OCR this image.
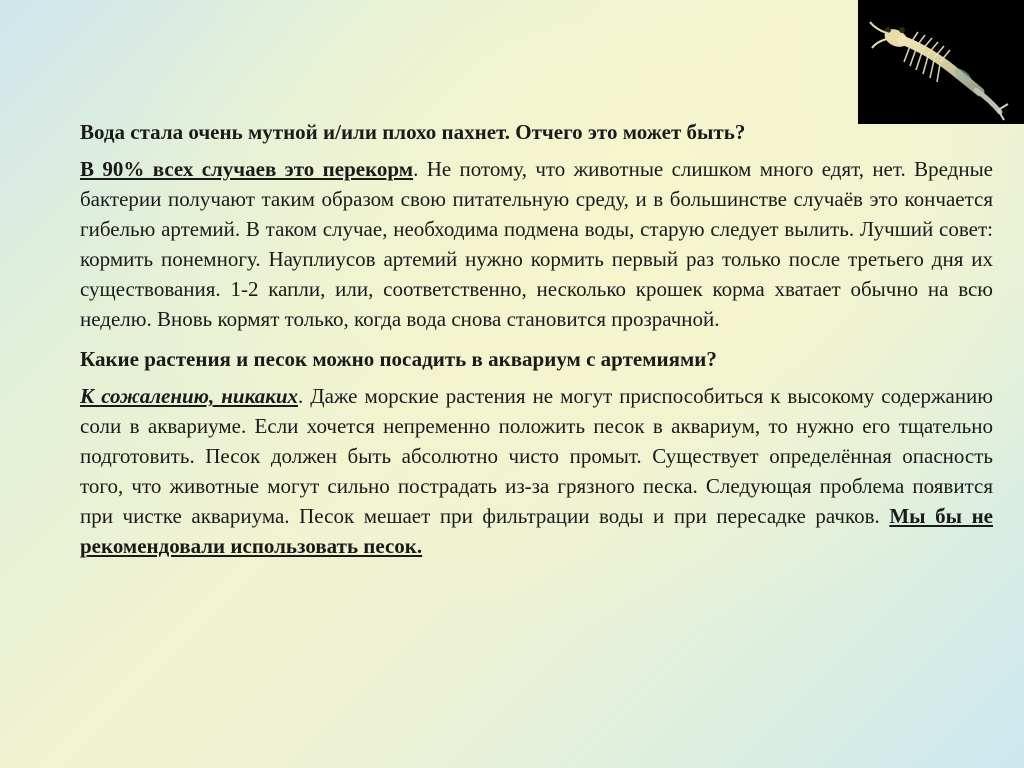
Вода стала очень мутной и/или плохо пахнет. Отчего это может быть?

В 90% всех случаев это перекорм. Не потому, что животные слишком много едят, нет. Вредные бактерии получают таким образом свою питательную среду, и в большинстве случаёв это кончается гибелью артемий. В таком случае, необходима подмена воды, старую следует вылить. Лучший совет: кормить понемногу. Науплиусов артемий нужно кормить первый раз только после третьего дня их существования. 1-2 капли, или, соответственно, несколько крошек корма хватает обычно на всю неделю. Вновь кормят только, когда вода снова становится прозрачной.

Какие растения и песок можно посадить в аквариум с артемиями?

К сожалению, никаких. Даже морские растения не могут приспособиться к высокому содержанию соли в аквариуме. Если хочется непременно положить песок в аквариум, то нужно его тщательно подготовить. Песок должен быть абсолютно чисто промыт. Существует определённая опасность того, что животные могут сильно пострадать из-за грязного песка. Следующая проблема появится при чистке аквариума. Песок мешает при фильтрации воды и при пересадке рачков. Мы бы не рекомендовали использовать песок.
